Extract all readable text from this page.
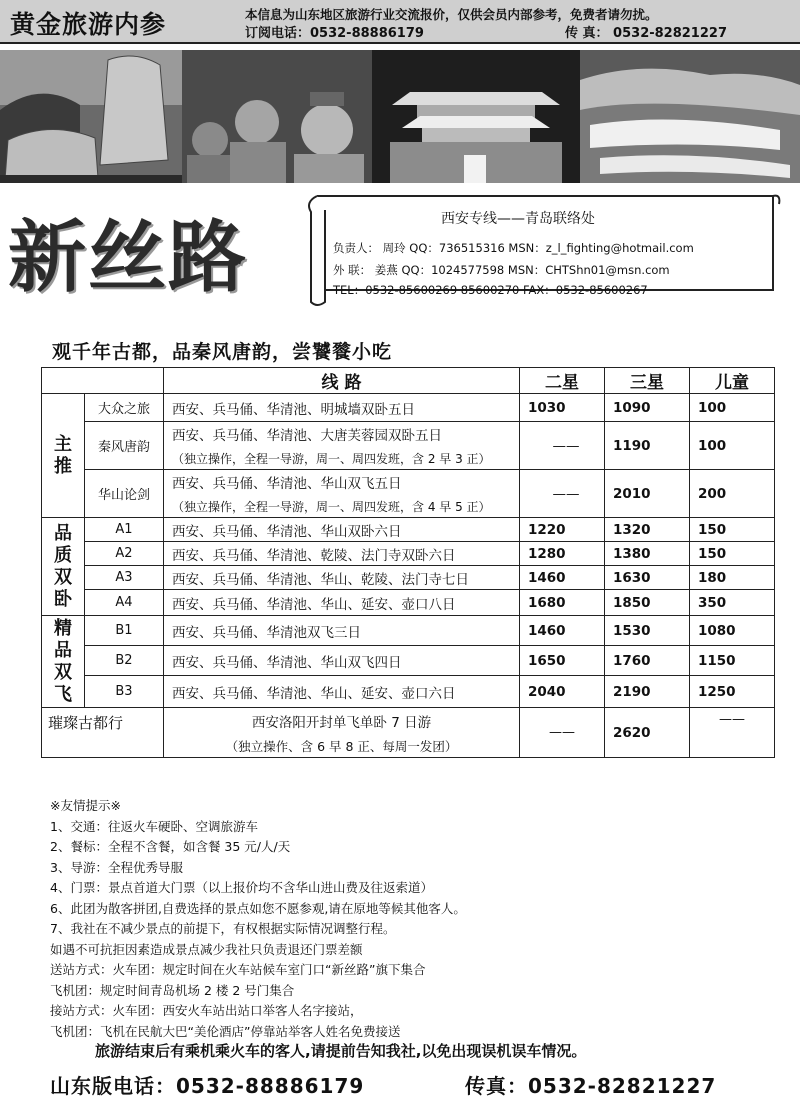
黄金旅游内参	本信息为山东地区旅游行业交流报价，仅供会员内部参考，免费者请勿扰。
订阅电话：0532-88886179	传 真： 0532-82821227
新丝路	西安专线——青岛联络处
负责人： 周玲 QQ：736515316 MSN：z_l_fighting@hotmail.com
外 联： 姜燕 QQ：1024577598 MSN：CHTShn01@msn.com
TEL：0532-85600269 85600270 FAX：0532-85600267
观千年古都，品秦风唐韵，尝饕餮小吃
		线 路	二星	三星	儿童
主推	大众之旅	西安、兵马俑、华清池、明城墙双卧五日	1030	1090	100
	秦风唐韵	西安、兵马俑、华清池、大唐芙蓉园双卧五日
（独立操作，全程一导游，周一、周四发班，含 2 早 3 正）	——	1190	100
	华山论剑	西安、兵马俑、华清池、华山双飞五日
（独立操作，全程一导游，周一、周四发班，含 4 早 5 正）	——	2010	200
品质双卧	A1	西安、兵马俑、华清池、华山双卧六日	1220	1320	150
	A2	西安、兵马俑、华清池、乾陵、法门寺双卧六日	1280	1380	150
	A3	西安、兵马俑、华清池、华山、乾陵、法门寺七日	1460	1630	180
	A4	西安、兵马俑、华清池、华山、延安、壶口八日	1680	1850	350
精品双飞	B1	西安、兵马俑、华清池双飞三日	1460	1530	1080
	B2	西安、兵马俑、华清池、华山双飞四日	1650	1760	1150
	B3	西安、兵马俑、华清池、华山、延安、壶口六日	2040	2190	1250
璀璨古都行		西安洛阳开封单飞单卧 7 日游
（独立操作、含 6 早 8 正、每周一发团）	——	2620	——
※友情提示※
1、交通：往返火车硬卧、空调旅游车
2、餐标：全程不含餐，如含餐 35 元/人/天
3、导游：全程优秀导服
4、门票：景点首道大门票（以上报价均不含华山进山费及往返索道）
6、此团为散客拼团,自费选择的景点如您不愿参观,请在原地等候其他客人。
7、我社在不减少景点的前提下，有权根据实际情况调整行程。
如遇不可抗拒因素造成景点减少我社只负责退还门票差额
送站方式：火车团：规定时间在火车站候车室门口“新丝路”旗下集合
飞机团：规定时间青岛机场 2 楼 2 号门集合
接站方式：火车团：西安火车站出站口举客人名字接站，
飞机团：飞机在民航大巴“美伦酒店”停靠站举客人姓名免费接送
旅游结束后有乘机乘火车的客人,请提前告知我社,以免出现误机误车情况。
山东版电话：0532-88886179	传真：0532-82821227
